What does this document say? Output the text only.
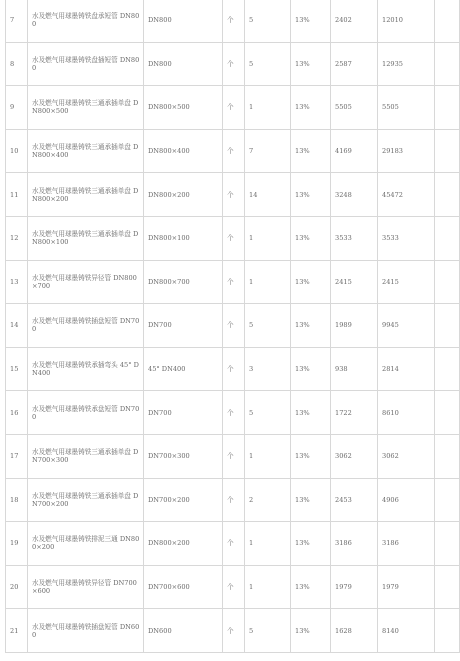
7	水及燃气用球墨铸铁盘承短管 DN800	DN800	个	5	13%	2402	12010	
8	水及燃气用球墨铸铁盘插短管 DN800	DN800	个	5	13%	2587	12935	
9	水及燃气用球墨铸铁三通承插单盘 DN800×500	DN800×500	个	1	13%	5505	5505	
10	水及燃气用球墨铸铁三通承插单盘 DN800×400	DN800×400	个	7	13%	4169	29183	
11	水及燃气用球墨铸铁三通承插单盘 DN800×200	DN800×200	个	14	13%	3248	45472	
12	水及燃气用球墨铸铁三通承插单盘 DN800×100	DN800×100	个	1	13%	3533	3533	
13	水及燃气用球墨铸铁异径管 DN800×700	DN800×700	个	1	13%	2415	2415	
14	水及燃气用球墨铸铁插盘短管 DN700	DN700	个	5	13%	1989	9945	
15	水及燃气用球墨铸铁承插弯头 45° DN400	45° DN400	个	3	13%	938	2814	
16	水及燃气用球墨铸铁承盘短管 DN700	DN700	个	5	13%	1722	8610	
17	水及燃气用球墨铸铁三通承插单盘 DN700×300	DN700×300	个	1	13%	3062	3062	
18	水及燃气用球墨铸铁三通承插单盘 DN700×200	DN700×200	个	2	13%	2453	4906	
19	水及燃气用球墨铸铁排泥三通 DN800×200	DN800×200	个	1	13%	3186	3186	
20	水及燃气用球墨铸铁异径管 DN700×600	DN700×600	个	1	13%	1979	1979	
21	水及燃气用球墨铸铁插盘短管 DN600	DN600	个	5	13%	1628	8140	
